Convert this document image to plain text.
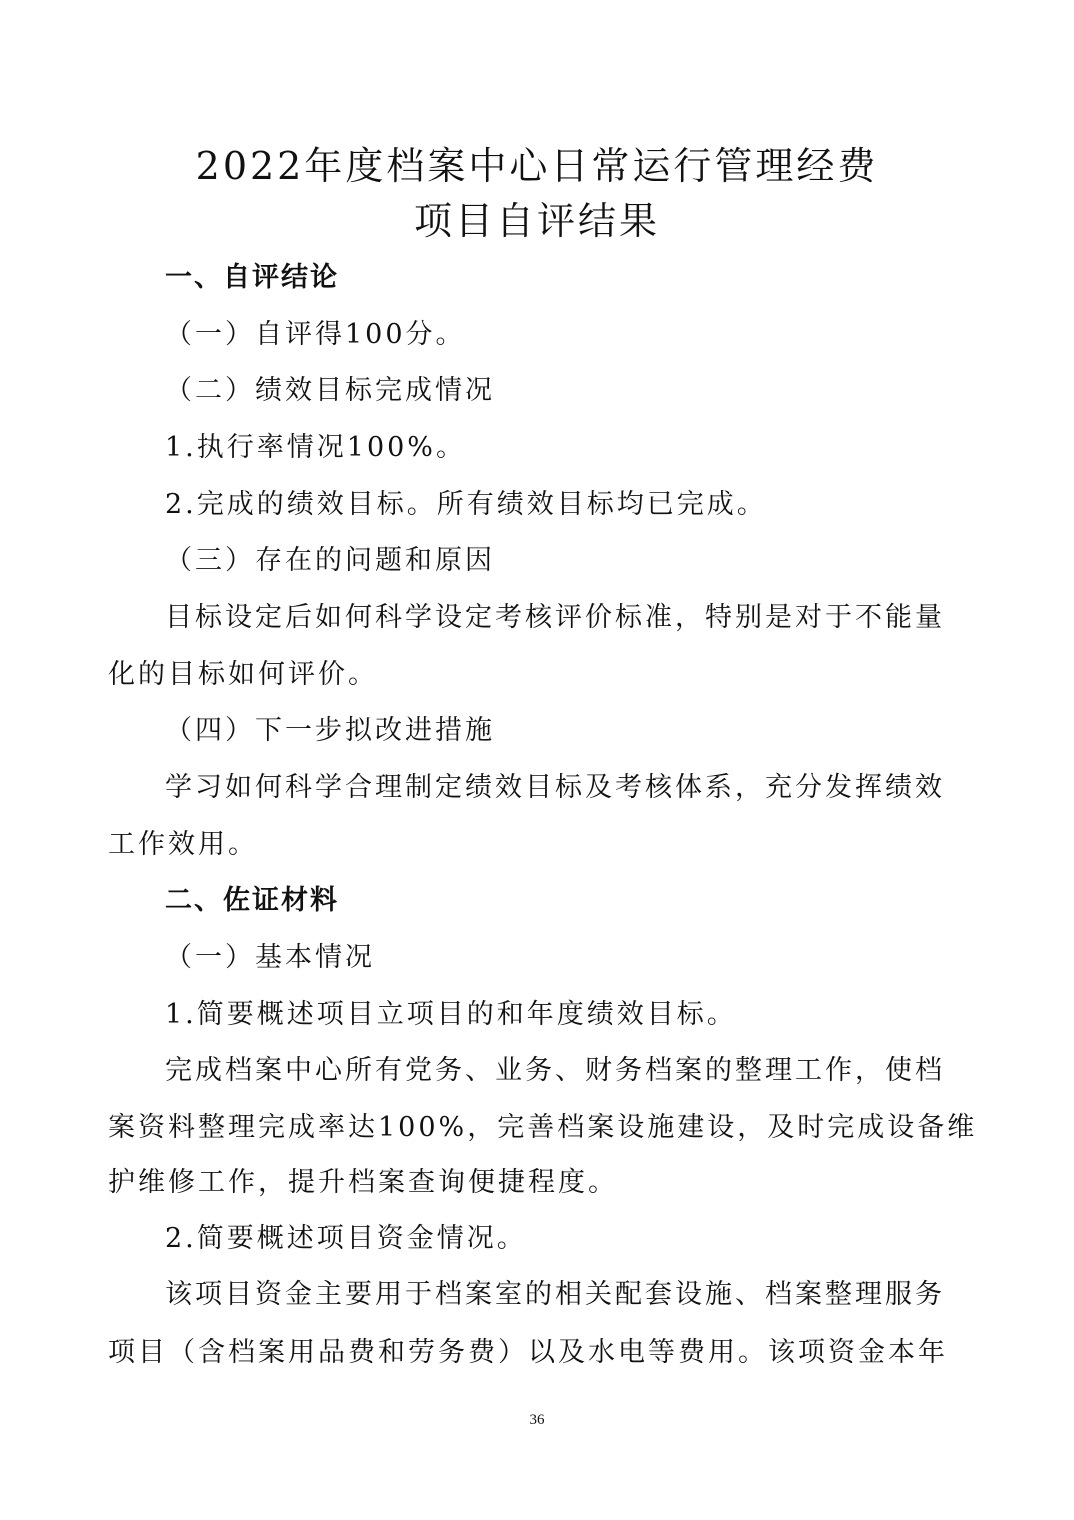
2022年度档案中心日常运行管理经费
项目自评结果

一、自评结论

（一）自评得100分。

（二）绩效目标完成情况

1.执行率情况100%。

2.完成的绩效目标。所有绩效目标均已完成。

（三）存在的问题和原因

目标设定后如何科学设定考核评价标准，特别是对于不能量

化的目标如何评价。

（四）下一步拟改进措施

学习如何科学合理制定绩效目标及考核体系，充分发挥绩效

工作效用。

二、佐证材料

（一）基本情况

1.简要概述项目立项目的和年度绩效目标。

完成档案中心所有党务、业务、财务档案的整理工作，使档

案资料整理完成率达100%，完善档案设施建设，及时完成设备维

护维修工作，提升档案查询便捷程度。

2.简要概述项目资金情况。

该项目资金主要用于档案室的相关配套设施、档案整理服务

项目（含档案用品费和劳务费）以及水电等费用。该项资金本年

36
